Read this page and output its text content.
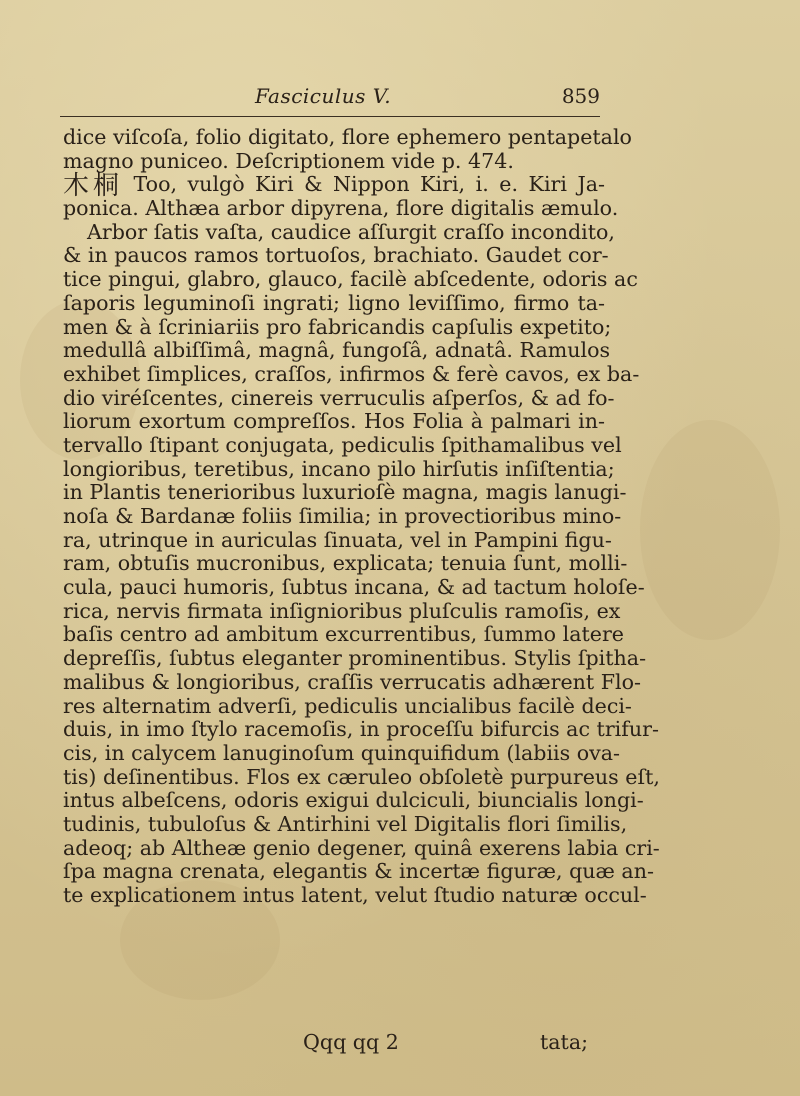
Fasciculus V.	859
dice viſcoſa, folio digitato, flore ephemero pentapetalo
magno puniceo. Deſcriptionem vide p. 474.
木桐 Too, vulgò Kiri & Nippon Kiri, i. e. Kiri Ja-
ponica. Althæa arbor dipyrena, flore digitalis æmulo.
Arbor ſatis vaſta, caudice aſſurgit craſſo incondito,
& in paucos ramos tortuoſos, brachiato. Gaudet cor-
tice pingui, glabro, glauco, facilè abſcedente, odoris ac
ſaporis leguminoſi ingrati; ligno leviſſimo, firmo ta-
men & à ſcriniariis pro fabricandis capſulis expetito;
medullâ albiſſimâ, magnâ, fungoſâ, adnatâ. Ramulos
exhibet ſimplices, craſſos, infirmos & ferè cavos, ex ba-
dio viréſcentes, cinereis verruculis aſperſos, & ad fo-
liorum exortum compreſſos. Hos Folia à palmari in-
tervallo ſtipant conjugata, pediculis ſpithamalibus vel
longioribus, teretibus, incano pilo hirſutis inſiſtentia;
in Plantis tenerioribus luxurioſè magna, magis lanugi-
noſa & Bardanæ foliis ſimilia; in provectioribus mino-
ra, utrinque in auriculas ſinuata, vel in Pampini figu-
ram, obtuſis mucronibus, explicata; tenuia ſunt, molli-
cula, pauci humoris, ſubtus incana, & ad tactum holoſe-
rica, nervis firmata inſignioribus pluſculis ramoſis, ex
baſis centro ad ambitum excurrentibus, ſummo latere
depreſſis, ſubtus eleganter prominentibus. Stylis ſpitha-
malibus & longioribus, craſſis verrucatis adhærent Flo-
res alternatim adverſi, pediculis uncialibus facilè deci-
duis, in imo ſtylo racemoſis, in proceſſu bifurcis ac trifur-
cis, in calycem lanuginoſum quinquifidum (labiis ova-
tis) deſinentibus. Flos ex cæruleo obſoletè purpureus eſt,
intus albeſcens, odoris exigui dulciculi, biuncialis longi-
tudinis, tubuloſus & Antirhini vel Digitalis flori ſimilis,
adeoq; ab Altheæ genio degener, quinâ exerens labia cri-
ſpa magna crenata, elegantis & incertæ figuræ, quæ an-
te explicationem intus latent, velut ſtudio naturæ occul-
Qqq qq 2	tata;
